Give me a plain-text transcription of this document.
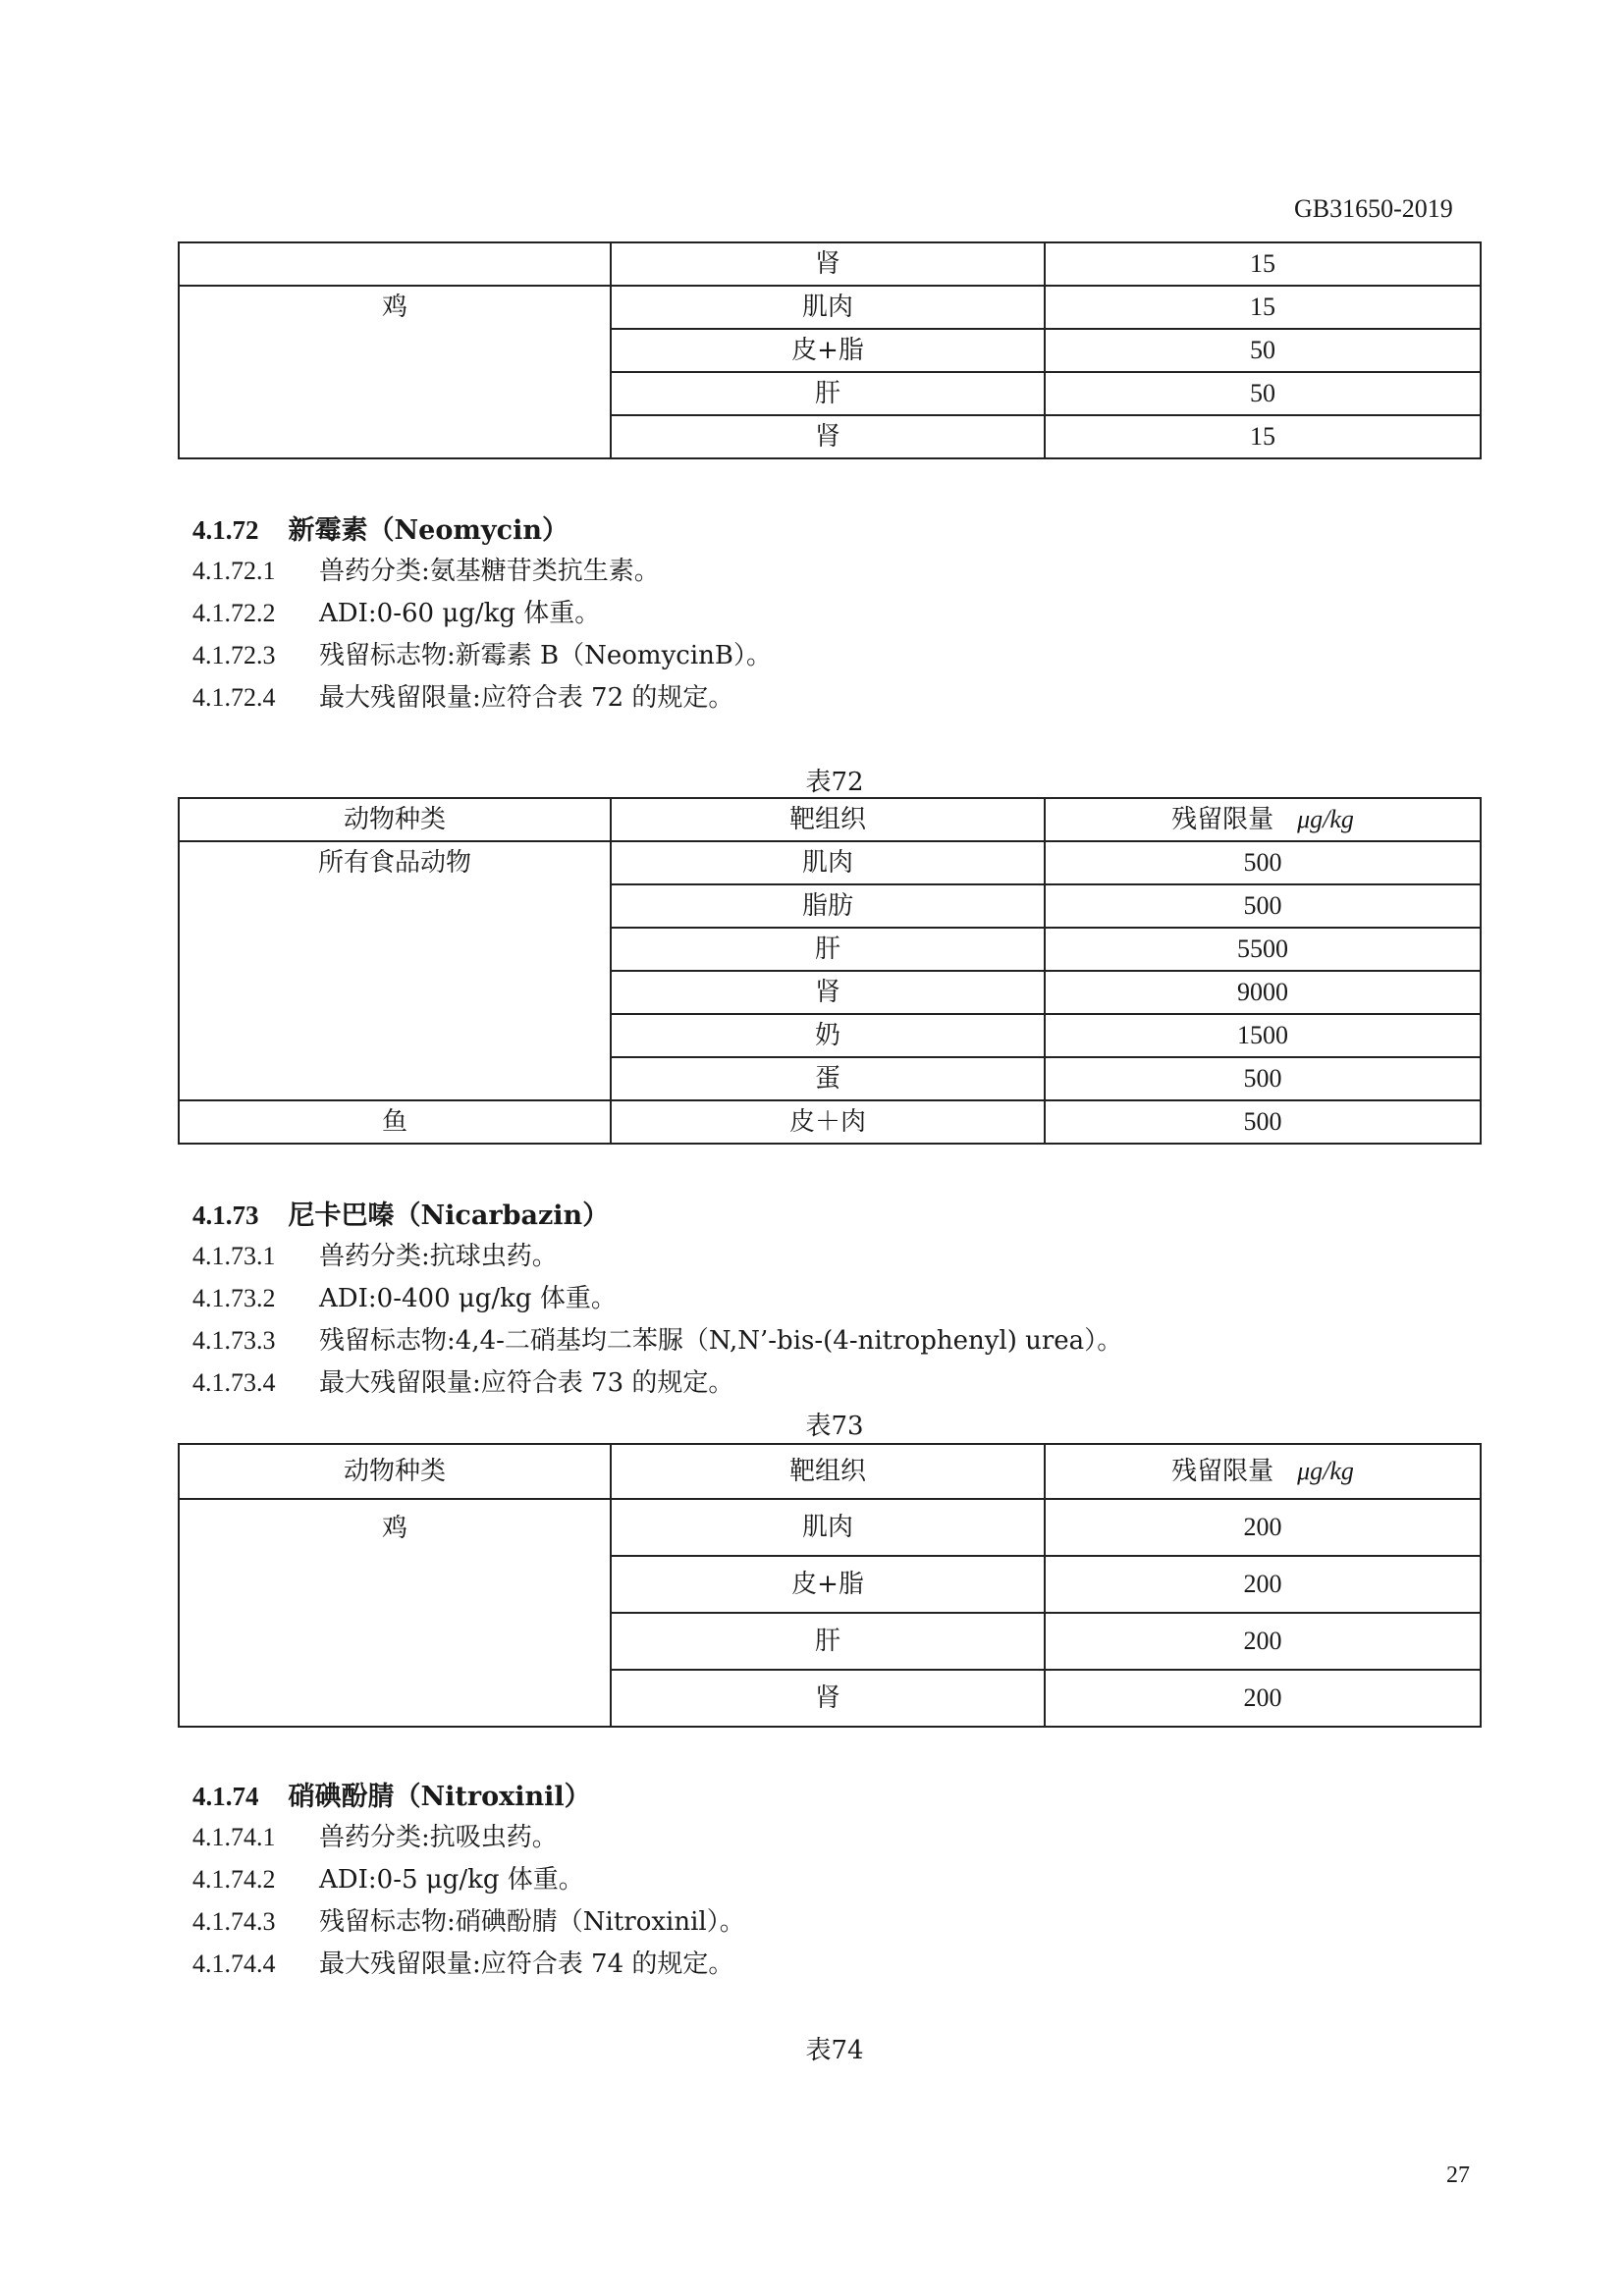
GB31650-2019
	肾	15
鸡	肌肉	15
	皮+脂	50
	肝	50
	肾	15
4.1.72 新霉素（Neomycin）
4.1.72.1 兽药分类:氨基糖苷类抗生素。
4.1.72.2 ADI:0-60 μg/kg 体重。
4.1.72.3 残留标志物:新霉素 B（NeomycinB）。
4.1.72.4 最大残留限量:应符合表 72 的规定。
表72
动物种类	靶组织	残留限量 μg/kg
所有食品动物	肌肉	500
	脂肪	500
	肝	5500
	肾	9000
	奶	1500
	蛋	500
鱼	皮＋肉	500
4.1.73 尼卡巴嗪（Nicarbazin）
4.1.73.1 兽药分类:抗球虫药。
4.1.73.2 ADI:0-400 μg/kg 体重。
4.1.73.3 残留标志物:4,4-二硝基均二苯脲（N,N’-bis-(4-nitrophenyl) urea）。
4.1.73.4 最大残留限量:应符合表 73 的规定。
表73
动物种类	靶组织	残留限量 μg/kg
鸡	肌肉	200
	皮+脂	200
	肝	200
	肾	200
4.1.74 硝碘酚腈（Nitroxinil）
4.1.74.1 兽药分类:抗吸虫药。
4.1.74.2 ADI:0-5 μg/kg 体重。
4.1.74.3 残留标志物:硝碘酚腈（Nitroxinil）。
4.1.74.4 最大残留限量:应符合表 74 的规定。
表74
27
